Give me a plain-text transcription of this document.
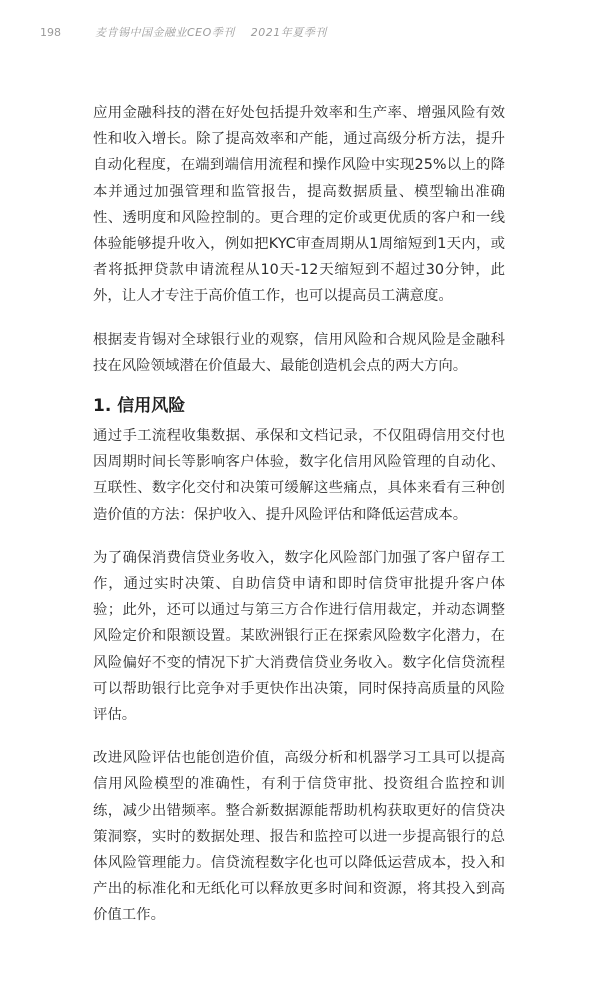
198	麦肯锡中国金融业CEO季刊 2021年夏季刊

应用金融科技的潜在好处包括提升效率和生产率、增强风险有效性和收入增长。除了提高效率和产能，通过高级分析方法，提升自动化程度，在端到端信用流程和操作风险中实现25%以上的降本并通过加强管理和监管报告，提高数据质量、模型输出准确性、透明度和风险控制的。更合理的定价或更优质的客户和一线体验能够提升收入，例如把KYC审查周期从1周缩短到1天内，或者将抵押贷款申请流程从10天-12天缩短到不超过30分钟，此外，让人才专注于高价值工作，也可以提高员工满意度。

根据麦肯锡对全球银行业的观察，信用风险和合规风险是金融科技在风险领域潜在价值最大、最能创造机会点的两大方向。

1. 信用风险

通过手工流程收集数据、承保和文档记录，不仅阻碍信用交付也因周期时间长等影响客户体验，数字化信用风险管理的自动化、互联性、数字化交付和决策可缓解这些痛点，具体来看有三种创造价值的方法：保护收入、提升风险评估和降低运营成本。

为了确保消费信贷业务收入，数字化风险部门加强了客户留存工作，通过实时决策、自助信贷申请和即时信贷审批提升客户体验；此外，还可以通过与第三方合作进行信用裁定，并动态调整风险定价和限额设置。某欧洲银行正在探索风险数字化潜力，在风险偏好不变的情况下扩大消费信贷业务收入。数字化信贷流程可以帮助银行比竞争对手更快作出决策，同时保持高质量的风险评估。

改进风险评估也能创造价值，高级分析和机器学习工具可以提高信用风险模型的准确性，有利于信贷审批、投资组合监控和训练，减少出错频率。整合新数据源能帮助机构获取更好的信贷决策洞察，实时的数据处理、报告和监控可以进一步提高银行的总体风险管理能力。信贷流程数字化也可以降低运营成本，投入和产出的标准化和无纸化可以释放更多时间和资源，将其投入到高价值工作。
